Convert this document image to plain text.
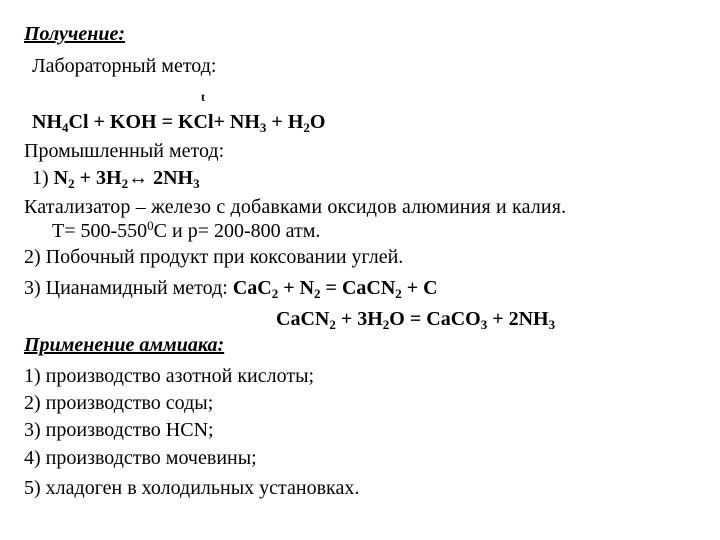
Получение:
Лабораторный метод:
t
$NH_4Cl$ + KOH = $KCl+ NH_3 + H_2O$
Промышленный метод:
1) $N_2$ + $3H_2\leftrightarrow$ $2NH_3$
Катализатор – железо с добавками оксидов алюминия и калия.
$T= 500-550^0C$ и p= 200-800 атм.
2) Побочный продукт при коксовании углей.
3) Цианамидный метод: $CaC_2 + N_2$ = CaCN$_2$ + C
CaCN$_2$ + $3H_2O$ = CaCO$_3$ + $2NH_3$
Применение аммиака:
1) производство азотной кислоты;
2) производство соды;
3) производство HCN;
4) производство мочевины;
5) хладоген в холодильных установках.
